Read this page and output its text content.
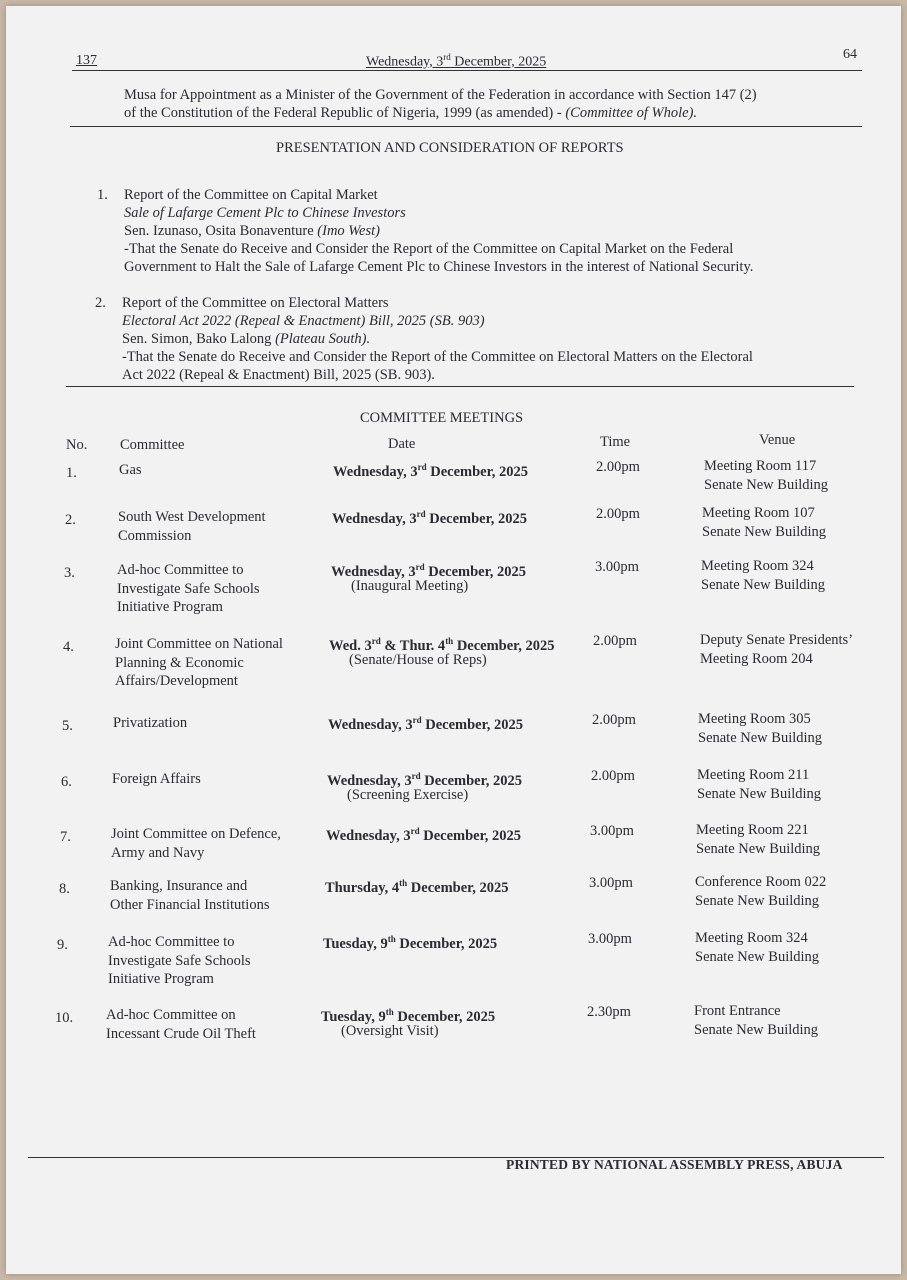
137	Wednesday, 3rd December, 2025
64
Musa for Appointment as a Minister of the Government of the Federation in accordance with Section 147 (2)
of the Constitution of the Federal Republic of Nigeria, 1999 (as amended) - (Committee of Whole).
PRESENTATION AND CONSIDERATION OF REPORTS
1. Report of the Committee on Capital Market
Sale of Lafarge Cement Plc to Chinese Investors
Sen. Izunaso, Osita Bonaventure (Imo West)
-That the Senate do Receive and Consider the Report of the Committee on Capital Market on the Federal
Government to Halt the Sale of Lafarge Cement Plc to Chinese Investors in the interest of National Security.
2. Report of the Committee on Electoral Matters
Electoral Act 2022 (Repeal & Enactment) Bill, 2025 (SB. 903)
Sen. Simon, Bako Lalong (Plateau South).
-That the Senate do Receive and Consider the Report of the Committee on Electoral Matters on the Electoral
Act 2022 (Repeal & Enactment) Bill, 2025 (SB. 903).
COMMITTEE MEETINGS
No. Committee	Date	Time	Venue
1.	Gas	Wednesday, 3rd December, 2025	2.00pm	Meeting Room 117
Senate New Building
2.	South West Development
Commission
Wednesday, 3rd December, 2025	2.00pm	Meeting Room 107
Senate New Building
3.	Ad-hoc Committee to
Investigate Safe Schools
Initiative Program
Wednesday, 3rd December, 2025
(Inaugural Meeting)
3.00pm	Meeting Room 324
Senate New Building
4.	Joint Committee on National
Planning & Economic
Affairs/Development
Wed. 3rd & Thur. 4th December, 2025
(Senate/House of Reps)
2.00pm	Deputy Senate Presidents’
Meeting Room 204
5.	Privatization	Wednesday, 3rd December, 2025	2.00pm	Meeting Room 305
Senate New Building
6.	Foreign Affairs	Wednesday, 3rd December, 2025
(Screening Exercise)
2.00pm	Meeting Room 211
Senate New Building
7.	Joint Committee on Defence,
Army and Navy
Wednesday, 3rd December, 2025	3.00pm	Meeting Room 221
Senate New Building
8.	Banking, Insurance and
Other Financial Institutions
Thursday, 4th December, 2025	3.00pm	Conference Room 022
Senate New Building
9.	Ad-hoc Committee to
Investigate Safe Schools
Initiative Program
Tuesday, 9th December, 2025	3.00pm	Meeting Room 324
Senate New Building
10. Ad-hoc Committee on
Incessant Crude Oil Theft
Tuesday, 9th December, 2025
(Oversight Visit)
2.30pm	Front Entrance
Senate New Building
PRINTED BY NATIONAL ASSEMBLY PRESS, ABUJA
